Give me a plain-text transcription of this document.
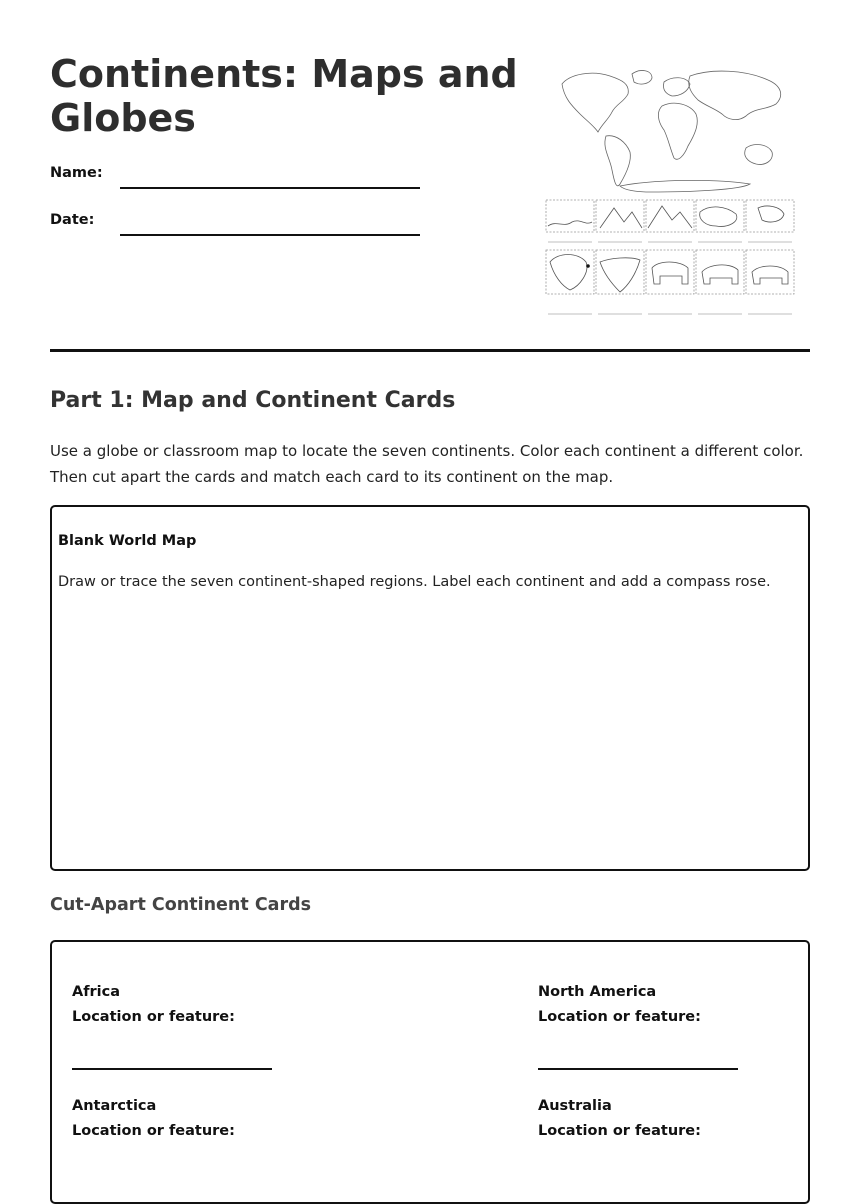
Continents: Maps and Globes
Name:
Date:
Part 1: Map and Continent Cards

Use a globe or classroom map to locate the seven continents. Color each continent a different color. Then cut apart the cards and match each card to its continent on the map.

Blank World Map
Draw or trace the seven continent-shaped regions. Label each continent and add a compass rose.
Cut-Apart Continent Cards
Africa
Location or feature:
North America
Location or feature:
Antarctica
Location or feature:
Australia
Location or feature:
